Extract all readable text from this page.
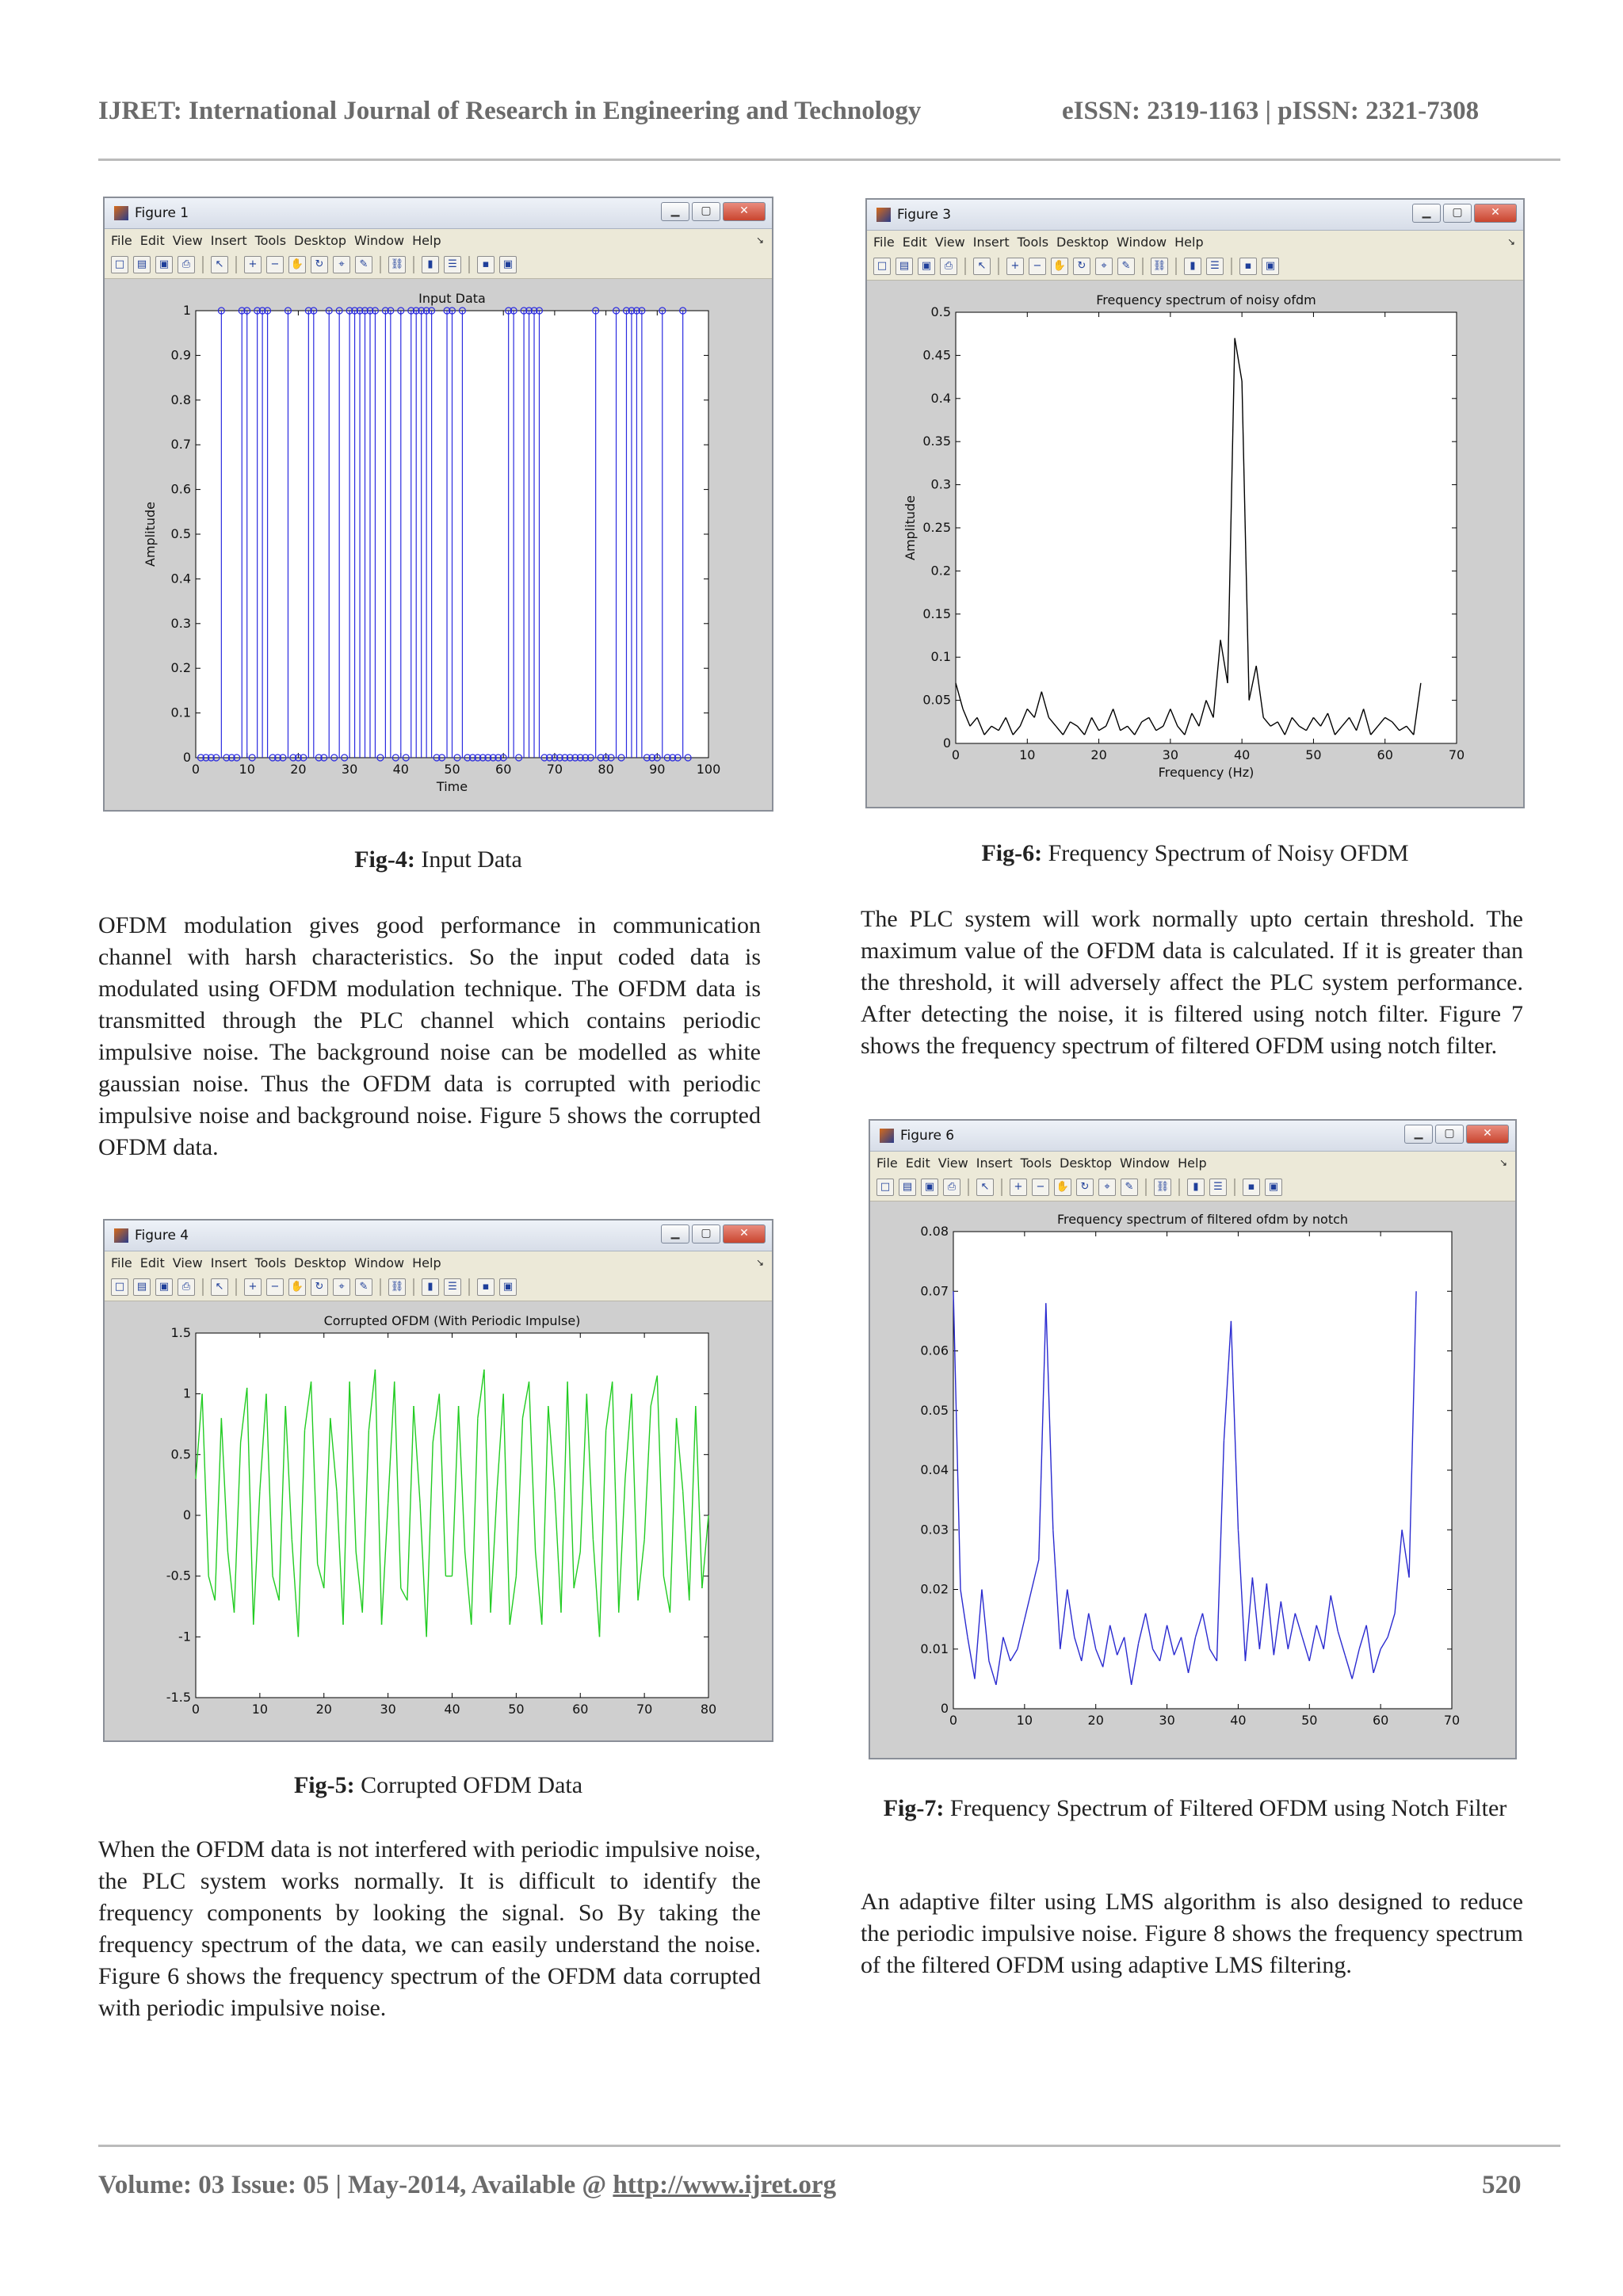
IJRET: International Journal of Research in Engineering and Technology	eISSN: 2319-1163 | pISSN: 2321-7308
Figure 1	▁	▢	✕
File Edit View Insert Tools Desktop Window Help	↘
□	▤	▣	⎙	↖	+	−	✋	↻	⌖	✎	⛓	▮	☰	▪	▣
Input Data
0	10	20	30	40	50	60	70	80	90 100
0
0.1
0.2
0.3
0.4
0.5
0.6
0.7
0.8
0.9
1
Time
Amplitude
Fig-4: Input Data
OFDM modulation gives good performance in communication channel with harsh characteristics. So the input coded data is modulated using OFDM modulation technique. The OFDM data is transmitted through the PLC channel which contains periodic impulsive noise. The background noise can be modelled as white gaussian noise. Thus the OFDM data is corrupted with periodic impulsive noise and background noise. Figure 5 shows the corrupted OFDM data.
Figure 4	▁	▢	✕
File Edit View Insert Tools Desktop Window Help	↘
□	▤	▣	⎙	↖	+	−	✋	↻	⌖	✎	⛓	▮	☰	▪	▣
Corrupted OFDM (With Periodic Impulse)
0	10	20	30	40	50	60	70	80
-1.5
-1
-0.5
0
0.5
1
1.5
Fig-5: Corrupted OFDM Data
When the OFDM data is not interfered with periodic impulsive noise, the PLC system works normally. It is difficult to identify the frequency components by looking the signal. So By taking the frequency spectrum of the data, we can easily understand the noise. Figure 6 shows the frequency spectrum of the OFDM data corrupted with periodic impulsive noise.
Figure 3	▁	▢	✕
File Edit View Insert Tools Desktop Window Help	↘
□	▤	▣	⎙	↖	+	−	✋	↻	⌖	✎	⛓	▮	☰	▪	▣
Frequency spectrum of noisy ofdm
0	10	20	30	40	50	60	70
0
0.05
0.1
0.15
0.2
0.25
0.3
0.35
0.4
0.45
0.5
Frequency (Hz)
Amplitude
Fig-6: Frequency Spectrum of Noisy OFDM
The PLC system will work normally upto certain threshold. The maximum value of the OFDM data is calculated. If it is greater than the threshold, it will adversely affect the PLC system performance. After detecting the noise, it is filtered using notch filter. Figure 7 shows the frequency spectrum of filtered OFDM using notch filter.
Figure 6	▁	▢	✕
File Edit View Insert Tools Desktop Window Help	↘
□	▤	▣	⎙	↖	+	−	✋	↻	⌖	✎	⛓	▮	☰	▪	▣
Frequency spectrum of filtered ofdm by notch
0	10	20	30	40	50	60	70
0
0.01
0.02
0.03
0.04
0.05
0.06
0.07
0.08
Fig-7: Frequency Spectrum of Filtered OFDM using Notch Filter
An adaptive filter using LMS algorithm is also designed to reduce the periodic impulsive noise. Figure 8 shows the frequency spectrum of the filtered OFDM using adaptive LMS filtering.
Volume: 03 Issue: 05 | May-2014, Available @ http://www.ijret.org	520
